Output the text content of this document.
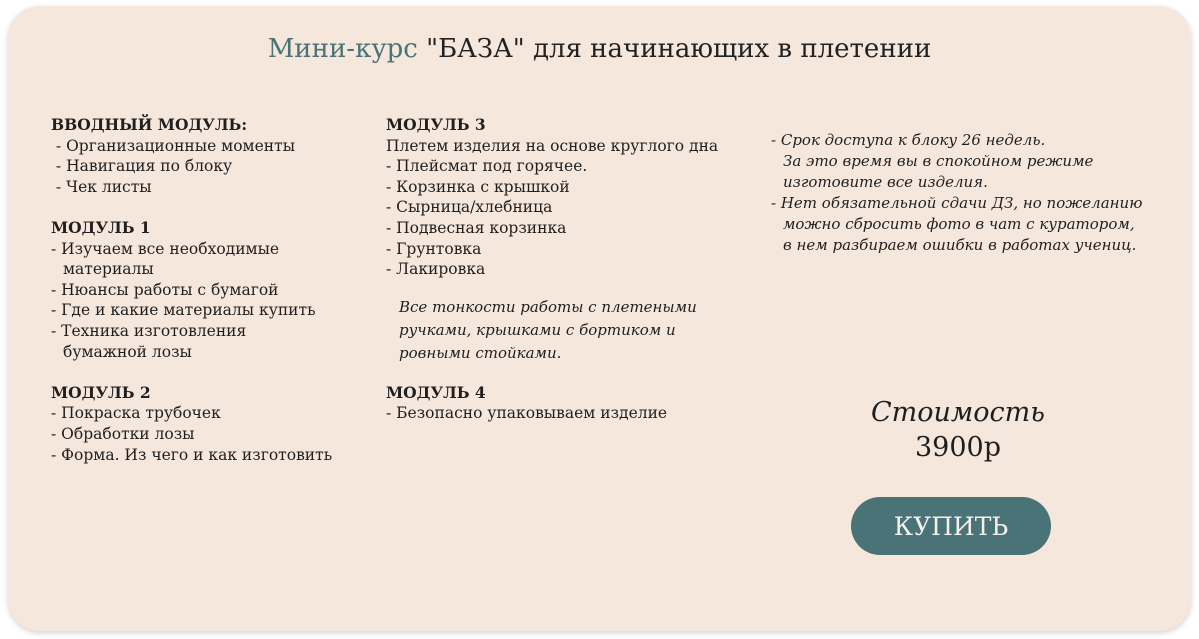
Мини-курс "БАЗА" для начинающих в плетении
ВВОДНЫЙ МОДУЛЬ:
- Организационные моменты
- Навигация по блоку
- Чек листы
МОДУЛЬ 1
- Изучаем все необходимые
материалы
- Нюансы работы с бумагой
- Где и какие материалы купить
- Техника изготовления
бумажной лозы
МОДУЛЬ 2
- Покраска трубочек
- Обработки лозы
- Форма. Из чего и как изготовить
МОДУЛЬ 3
Плетем изделия на основе круглого дна
- Плейсмат под горячее.
- Корзинка с крышкой
- Сырница/хлебница
- Подвесная корзинка
- Грунтовка
- Лакировка
Все тонкости работы с плетеными
ручками, крышками с бортиком и
ровными стойками.
МОДУЛЬ 4
- Безопасно упаковываем изделие
- Срок доступа к блоку 26 недель.
За это время вы в спокойном режиме
изготовите все изделия.
- Нет обязательной сдачи ДЗ, но пожеланию
можно сбросить фото в чат с куратором,
в нем разбираем ошибки в работах учениц.
Стоимость
3900р
КУПИТЬ
